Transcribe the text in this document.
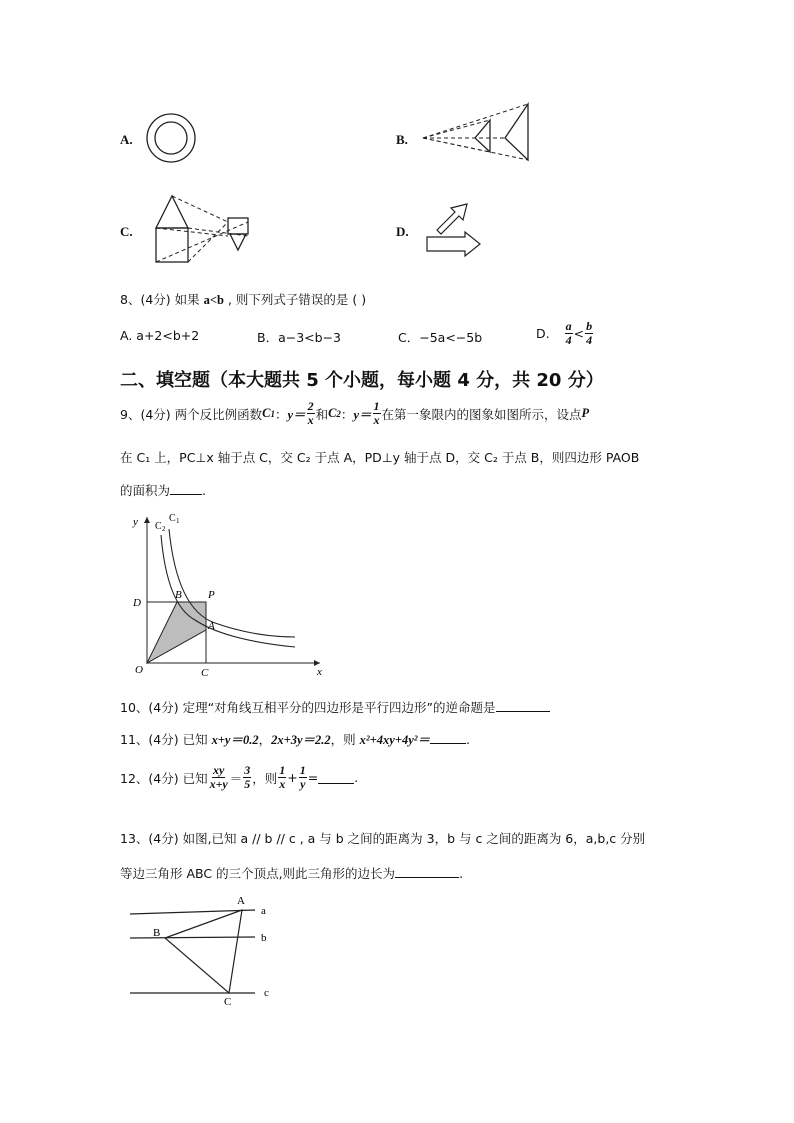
A.	B.
C.	D.
8、(4分) 如果 a<b , 则下列式子错误的是 ( )
A. a+2<b+2	B．a−3<b−3	C．−5a<−5b	D. $\frac{a}{4} < \frac{b}{4}$
二、填空题（本大题共 5 个小题，每小题 4 分，共 20 分）
9、(4分) 两个反比例函数 C 1 ： $y= \frac{2}{x}$ 和 C 2 ： $y= \frac{1}{x}$ 在第一象限内的图象如图所示，设点 P
在 C₁ 上，PC⊥x 轴于点 C，交 C₂ 于点 A，PD⊥y 轴于点 D，交 C₂ 于点 B，则四边形 PAOB
的面积为	.
y
x
C 1
C 2
O
D
B P
A
C
10、(4分) 定理“对角线互相平分的四边形是平行四边形”的逆命题是
11、(4分) 已知 x+y＝0.2，2x+3y＝2.2，则 x²+4xy+4y²＝	.
12、(4分) 已知 $\frac{xy}{x+y} = \frac{3}{5}$ ，则 $\frac{1}{x} + \frac{1}{y}$ =	.
13、(4分) 如图,已知 a // b // c , a 与 b 之间的距离为 3，b 与 c 之间的距离为 6，a,b,c 分别
等边三角形 ABC 的三个顶点,则此三角形的边长为	.
A
B
C
a
b
c
